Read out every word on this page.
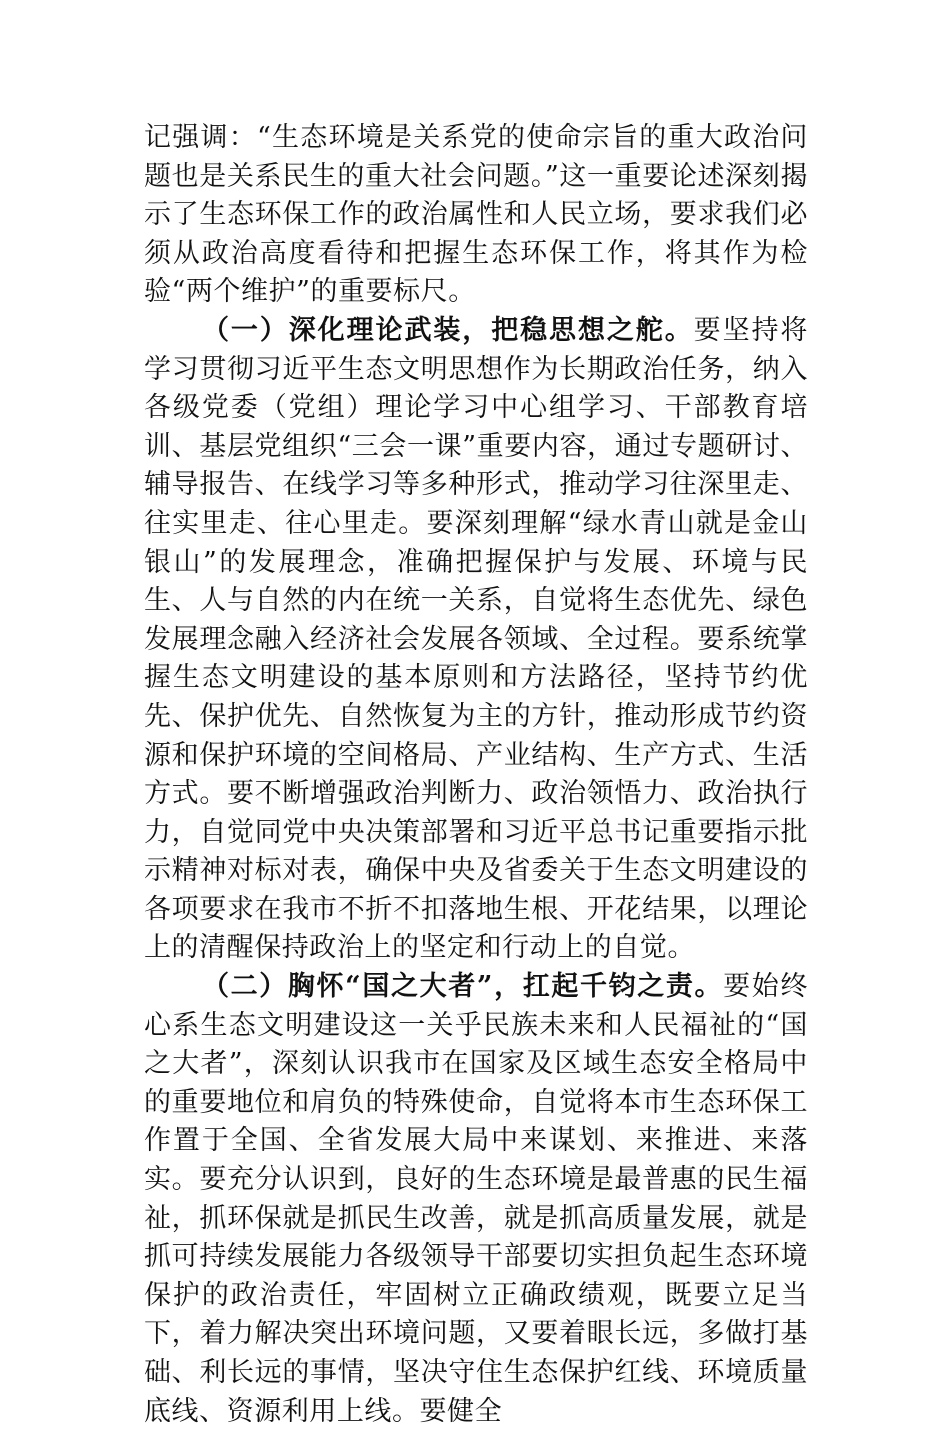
记强调：“生态环境是关系党的使命宗旨的重大政治问题也是关系民生的重大社会问题。”这一重要论述深刻揭示了生态环保工作的政治属性和人民立场，要求我们必须从政治高度看待和把握生态环保工作，将其作为检验“两个维护”的重要标尺。

（一）深化理论武装，把稳思想之舵。要坚持将学习贯彻习近平生态文明思想作为长期政治任务，纳入各级党委（党组）理论学习中心组学习、干部教育培训、基层党组织“三会一课”重要内容，通过专题研讨、辅导报告、在线学习等多种形式，推动学习往深里走、往实里走、往心里走。要深刻理解“绿水青山就是金山银山”的发展理念，准确把握保护与发展、环境与民生、人与自然的内在统一关系，自觉将生态优先、绿色发展理念融入经济社会发展各领域、全过程。要系统掌握生态文明建设的基本原则和方法路径，坚持节约优先、保护优先、自然恢复为主的方针，推动形成节约资源和保护环境的空间格局、产业结构、生产方式、生活方式。要不断增强政治判断力、政治领悟力、政治执行力，自觉同党中央决策部署和习近平总书记重要指示批示精神对标对表，确保中央及省委关于生态文明建设的各项要求在我市不折不扣落地生根、开花结果，以理论上的清醒保持政治上的坚定和行动上的自觉。

（二）胸怀“国之大者”，扛起千钧之责。要始终心系生态文明建设这一关乎民族未来和人民福祉的“国之大者”，深刻认识我市在国家及区域生态安全格局中的重要地位和肩负的特殊使命，自觉将本市生态环保工作置于全国、全省发展大局中来谋划、来推进、来落实。要充分认识到，良好的生态环境是最普惠的民生福祉，抓环保就是抓民生改善，就是抓高质量发展，就是抓可持续发展能力各级领导干部要切实担负起生态环境保护的政治责任，牢固树立正确政绩观，既要立足当下，着力解决突出环境问题，又要着眼长远，多做打基础、利长远的事情，坚决守住生态保护红线、环境质量底线、资源利用上线。要健全
